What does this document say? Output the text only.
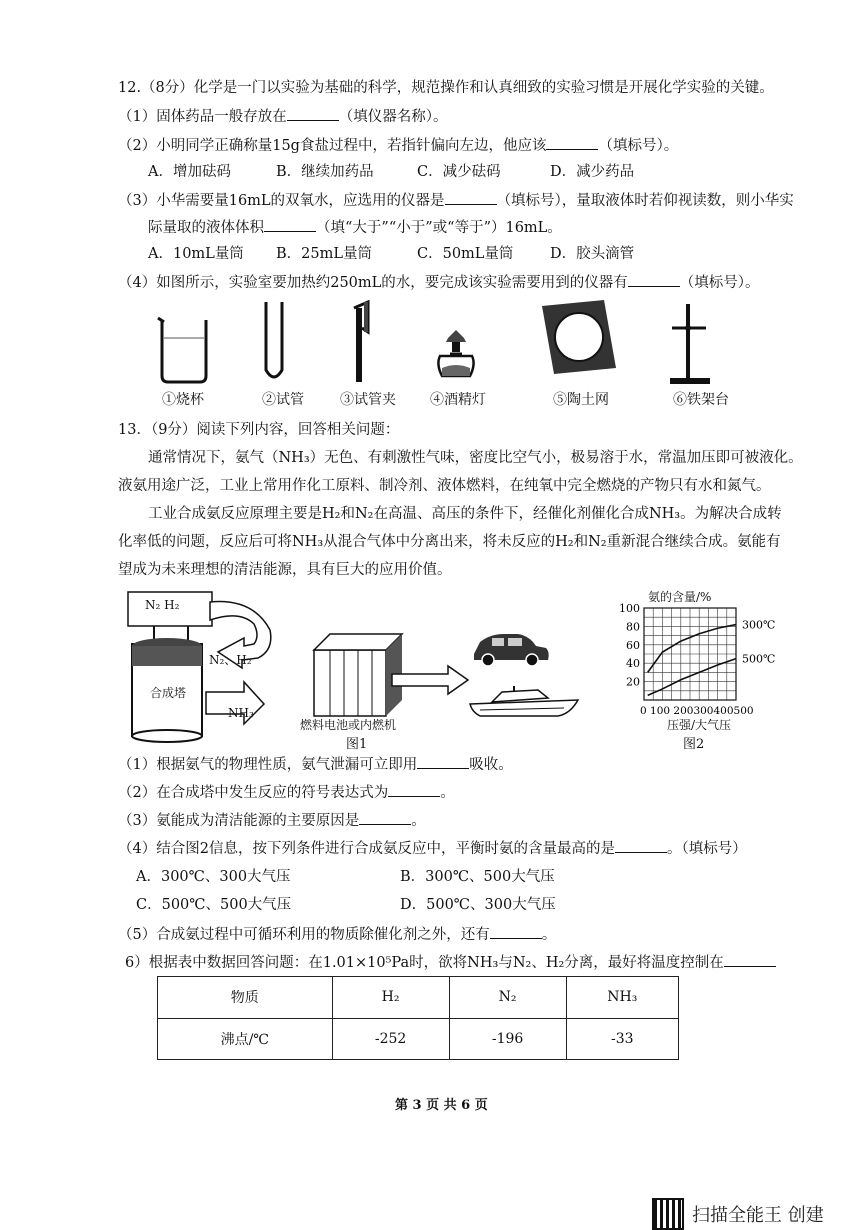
12.（8分）化学是一门以实验为基础的科学，规范操作和认真细致的实验习惯是开展化学实验的关键。
（1）固体药品一般存放在	（填仪器名称）。
（2）小明同学正确称量15g食盐过程中，若指针偏向左边，他应该	（填标号）。
A．增加砝码	B．继续加药品	C．减少砝码	D．减少药品
（3）小华需要量16mL的双氧水，应选用的仪器是	（填标号），量取液体时若仰视读数，则小华实
际量取的液体体积	（填“大于”“小于”或“等于”）16mL。
A．10mL量筒 B．25mL量筒	C．50mL量筒	D．胶头滴管
（4）如图所示，实验室要加热约250mL的水，要完成该实验需要用到的仪器有	（填标号）。
①烧杯	②试管	③试管夹 ④酒精灯	⑤陶土网	⑥铁架台
13．（9分）阅读下列内容，回答相关问题：
通常情况下，氨气（NH₃）无色、有刺激性气味，密度比空气小，极易溶于水，常温加压即可被液化。
液氨用途广泛，工业上常用作化工原料、制冷剂、液体燃料，在纯氧中完全燃烧的产物只有水和氮气。
工业合成氨反应原理主要是H₂和N₂在高温、高压的条件下，经催化剂催化合成NH₃。为解决合成转
化率低的问题，反应后可将NH₃从混合气体中分离出来，将未反应的H₂和N₂重新混合继续合成。氨能有
望成为未来理想的清洁能源，具有巨大的应用价值。
N₂ H₂
N₂、H₂
合成塔
NH₃
燃料电池或内燃机
图1
氨的含量/%
20
40
60
80
100
0 100 200300400500
300℃
500℃
压强/大气压
图2
（1）根据氨气的物理性质，氨气泄漏可立即用	吸收。
（2）在合成塔中发生反应的符号表达式为	。
（3）氨能成为清洁能源的主要原因是	。
（4）结合图2信息，按下列条件进行合成氨反应中，平衡时氨的含量最高的是	。（填标号）
A．300℃、300大气压	B．300℃、500大气压
C．500℃、500大气压	D．500℃、300大气压
（5）合成氨过程中可循环利用的物质除催化剂之外，还有	。
6）根据表中数据回答问题：在1.01×10⁵Pa时，欲将NH₃与N₂、H₂分离，最好将温度控制在
物质	H₂	N₂	NH₃
沸点/℃	-252	-196	-33
第 3 页 共 6 页
扫描全能王 创建
